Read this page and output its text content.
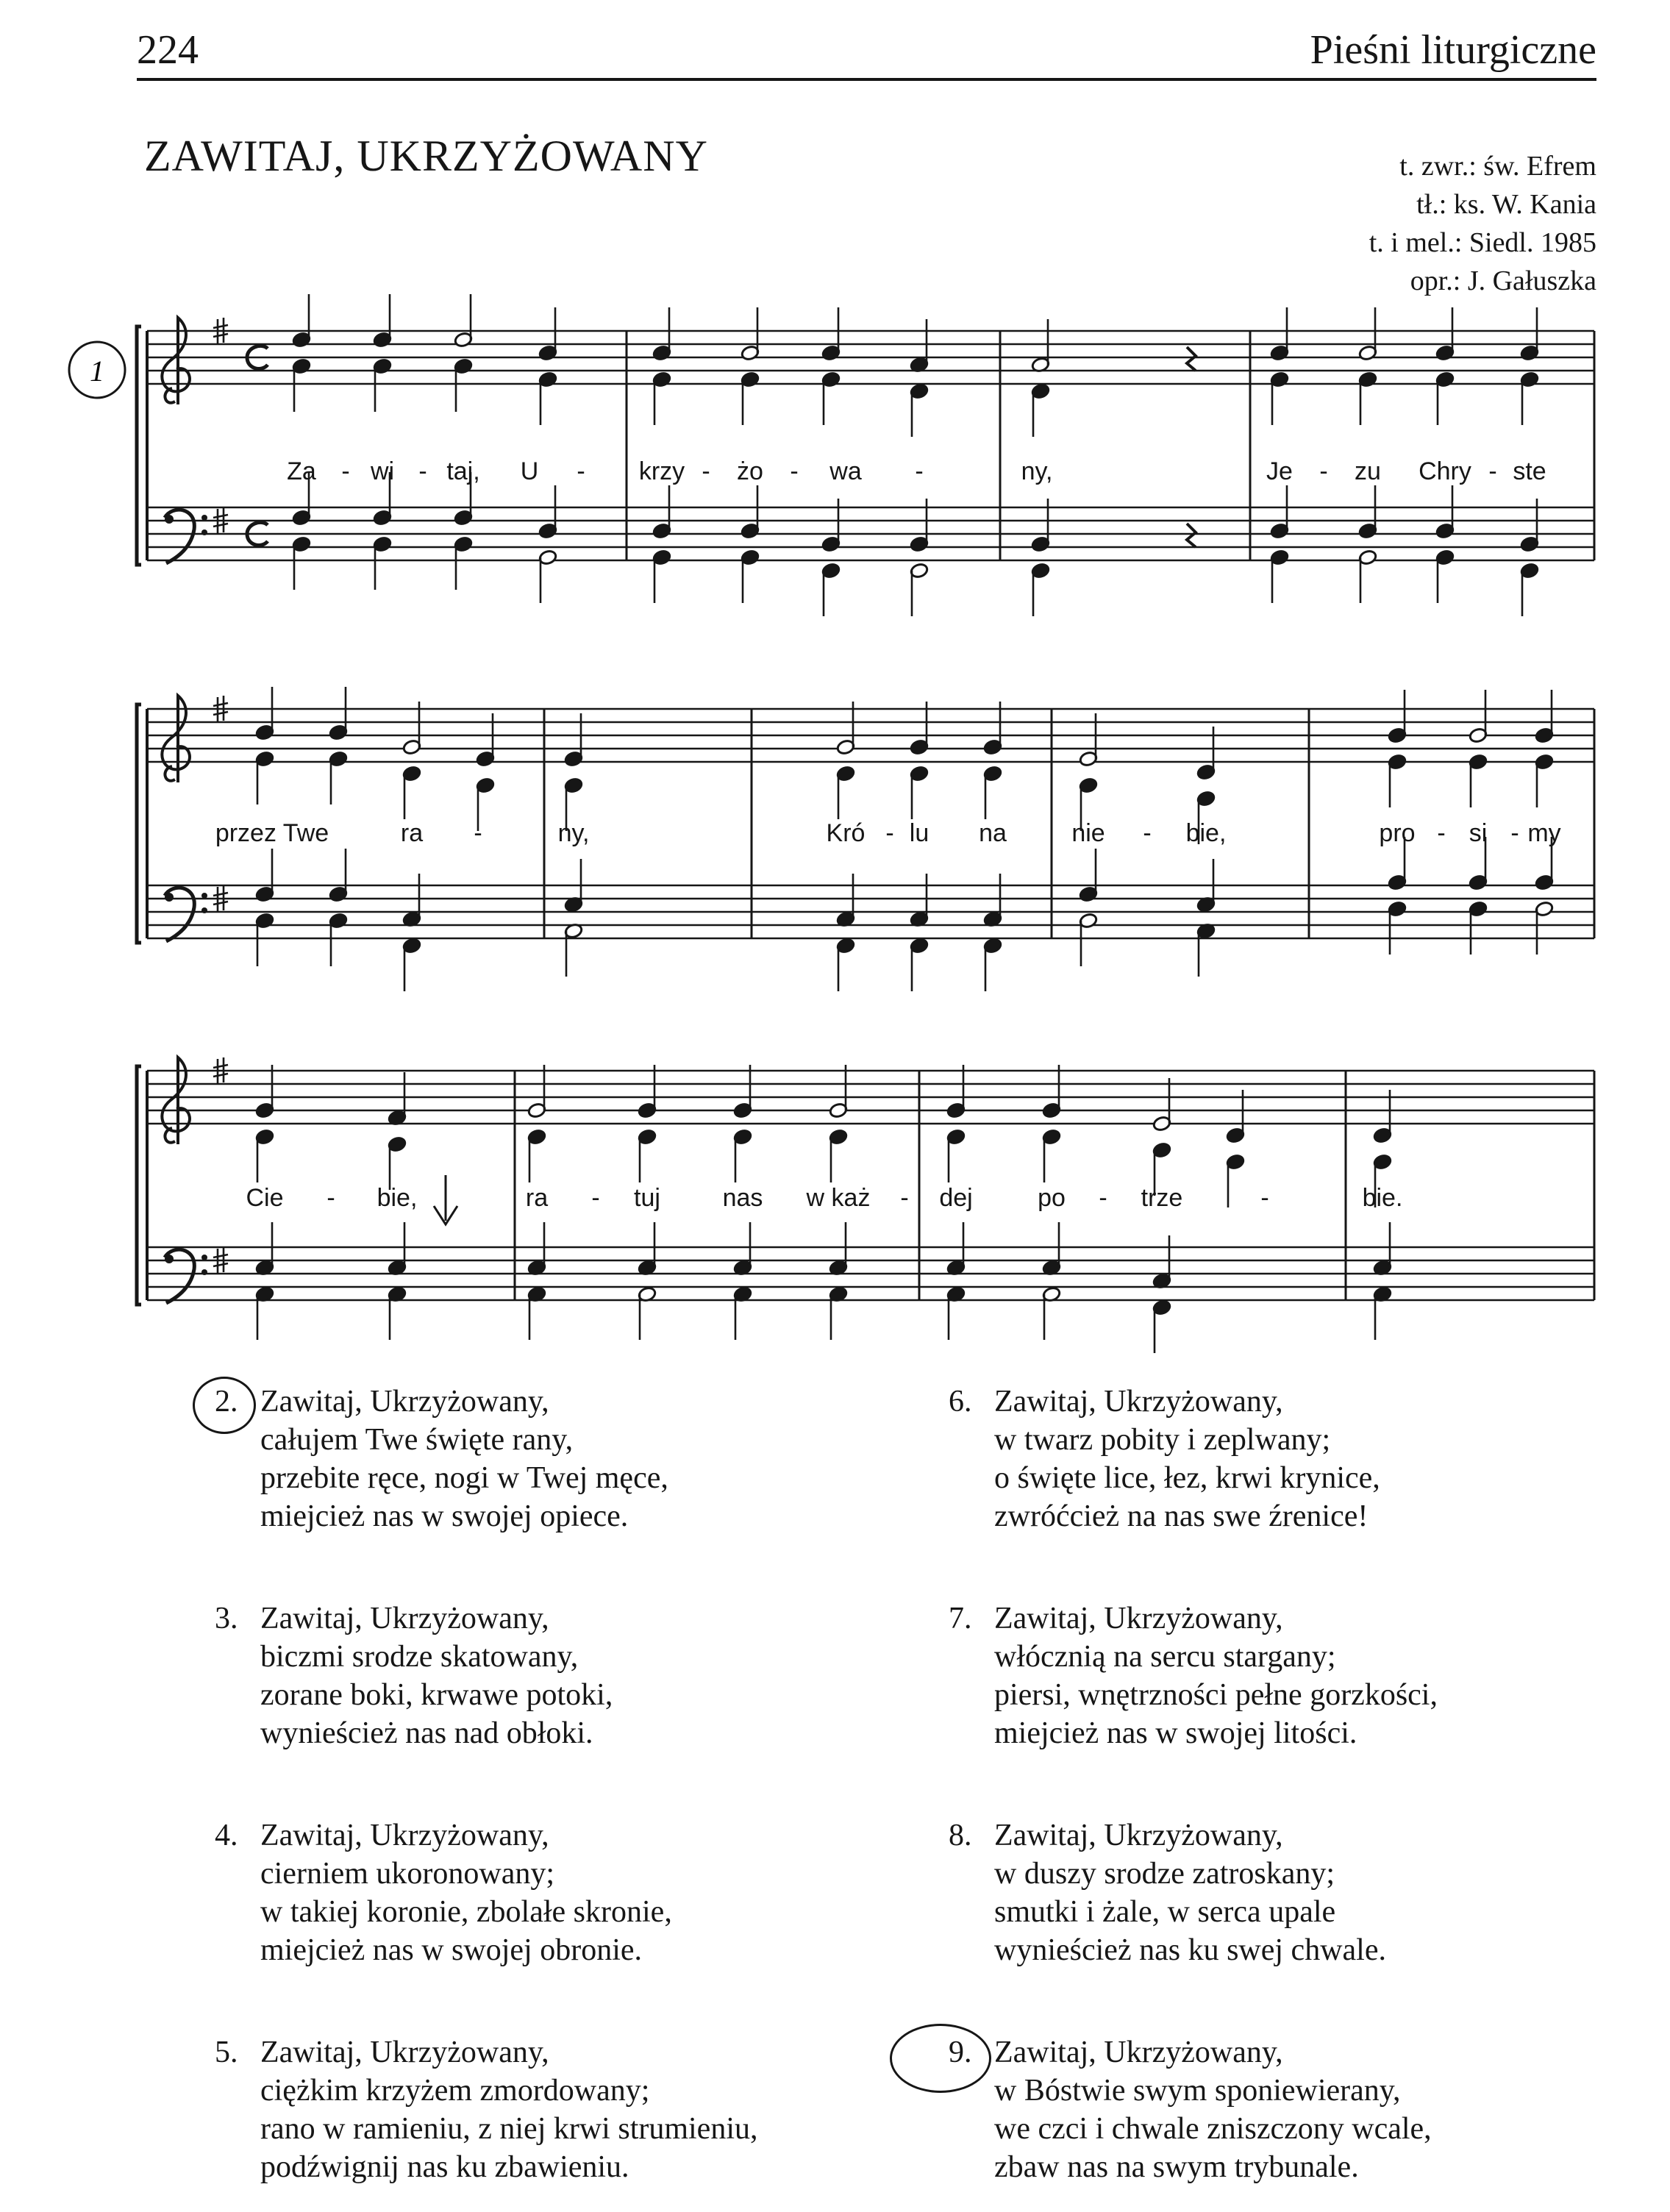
224	Pieśni liturgiczne
ZAWITAJ, UKRZYŻOWANY	t. zwr.: św. Efrem
tł.: ks. W. Kania
t. i mel.: Siedl. 1985
opr.: J. Gałuszka
1
Za - wi - taj, U - krzy - żo - wa -	ny,	Je - zu Chry - ste
przez Twe	ra -	ny,	Kró - lu na	nie - bie,	pro - si - my
Cie - bie,	ra - tuj nas w każ - dej	po - trze	-	bie.
2. Zawitaj, Ukrzyżowany,
całujem Twe święte rany,
przebite ręce, nogi w Twej męce,
miejcież nas w swojej opiece.
3. Zawitaj, Ukrzyżowany,
biczmi srodze skatowany,
zorane boki, krwawe potoki,
wynieścież nas nad obłoki.
4. Zawitaj, Ukrzyżowany,
cierniem ukoronowany;
w takiej koronie, zbolałe skronie,
miejcież nas w swojej obronie.
5. Zawitaj, Ukrzyżowany,
ciężkim krzyżem zmordowany;
rano w ramieniu, z niej krwi strumieniu,
podźwignij nas ku zbawieniu.
6. Zawitaj, Ukrzyżowany,
w twarz pobity i zeplwany;
o święte lice, łez, krwi krynice,
zwróćcież na nas swe źrenice!
7. Zawitaj, Ukrzyżowany,
włócznią na sercu stargany;
piersi, wnętrzności pełne gorzkości,
miejcież nas w swojej litości.
8. Zawitaj, Ukrzyżowany,
w duszy srodze zatroskany;
smutki i żale, w serca upale
wynieścież nas ku swej chwale.
9. Zawitaj, Ukrzyżowany,
w Bóstwie swym sponiewierany,
we czci i chwale zniszczony wcale,
zbaw nas na swym trybunale.
